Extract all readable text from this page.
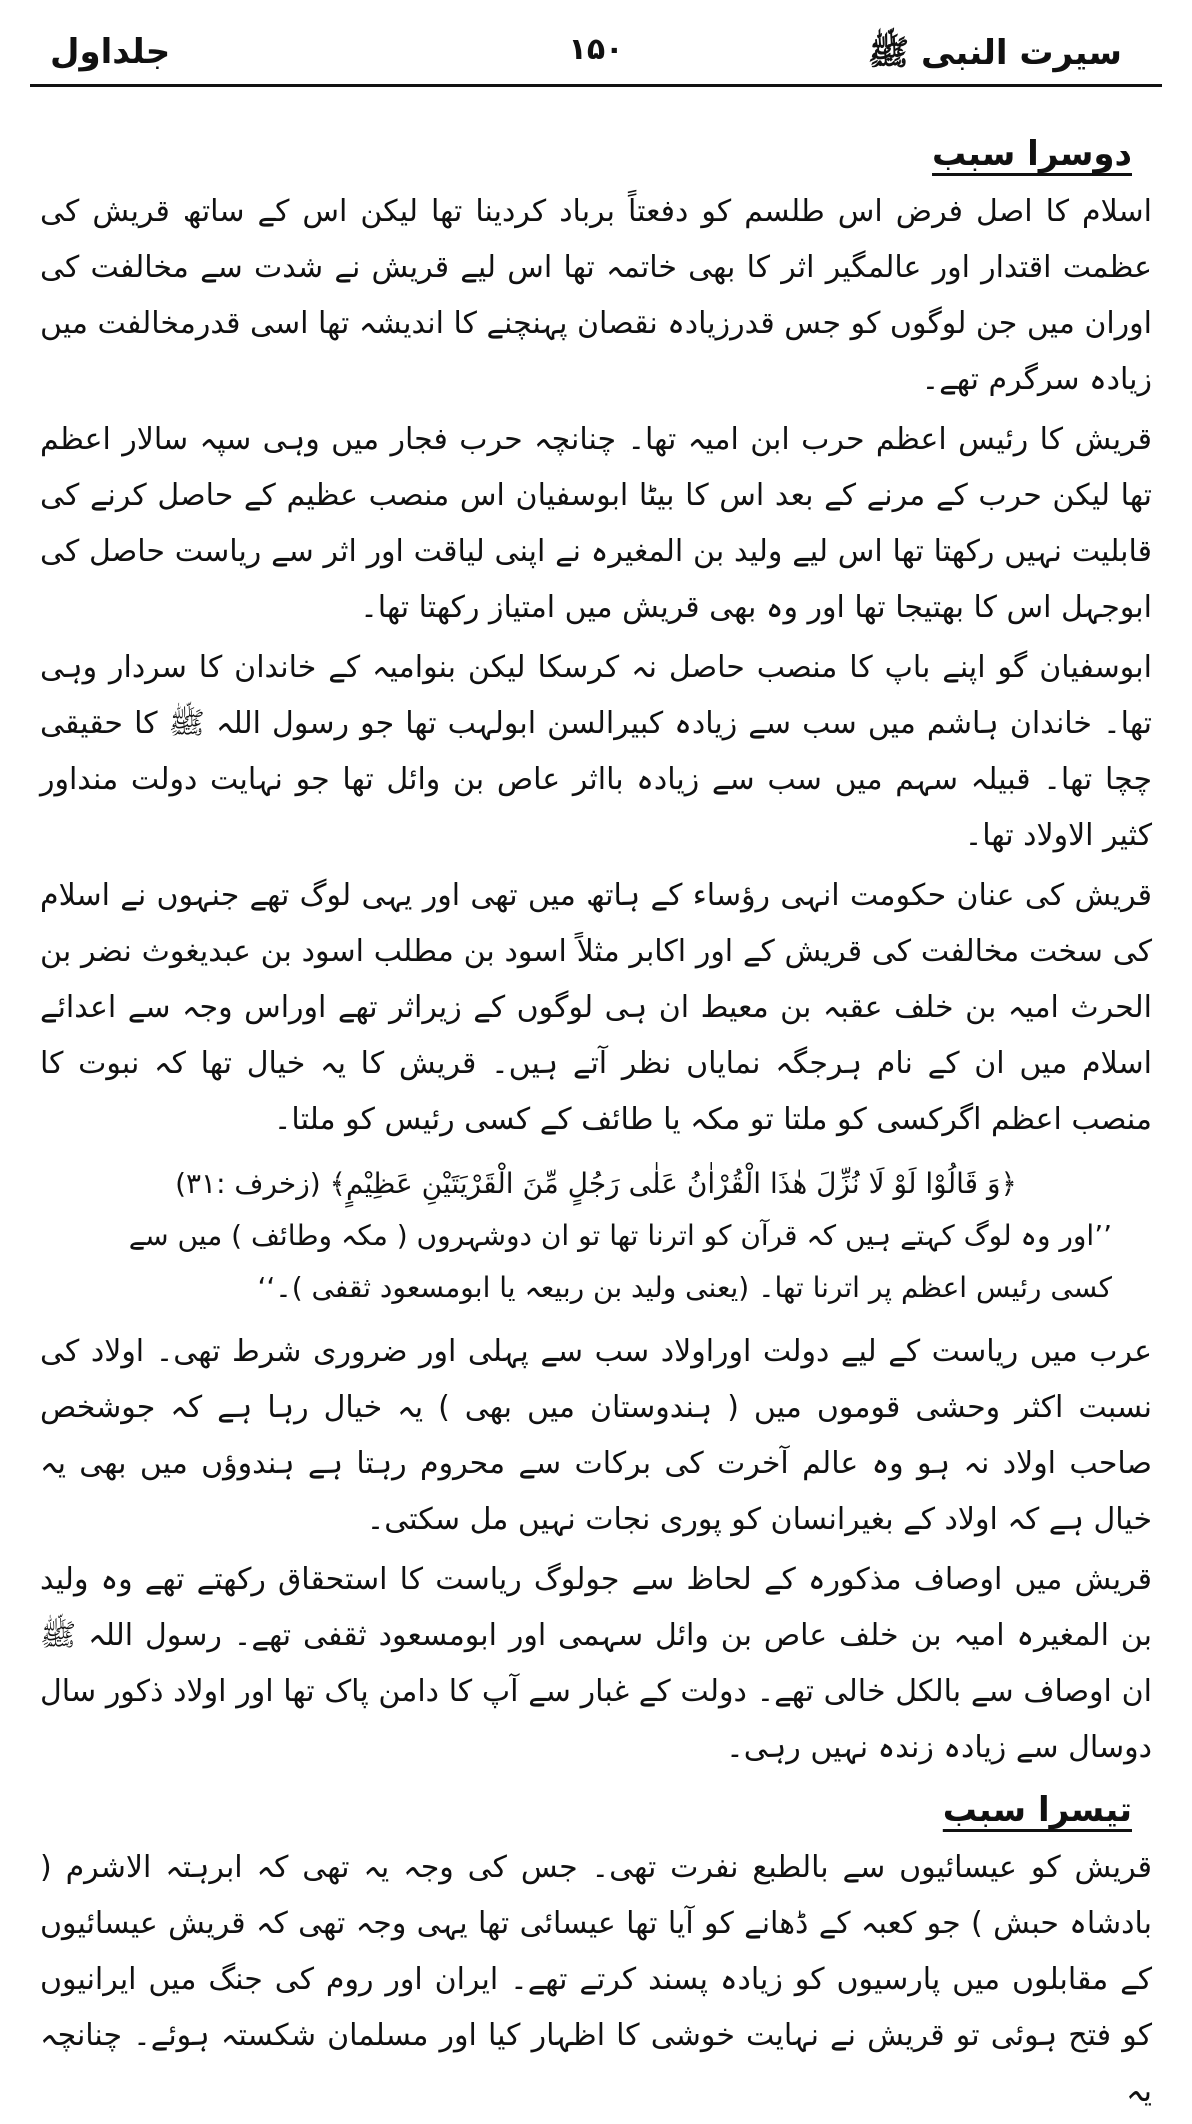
سیرت النبی ﷺ
۱۵۰
جلداول
دوسرا سبب

اسلام کا اصل فرض اس طلسم کو دفعتاً برباد کردینا تھا لیکن اس کے ساتھ قریش کی عظمت اقتدار اور عالمگیر اثر کا بھی خاتمہ تھا اس لیے قریش نے شدت سے مخالفت کی اوران میں جن لوگوں کو جس قدرزیادہ نقصان پہنچنے کا اندیشہ تھا اسی قدرمخالفت میں زیادہ سرگرم تھے۔

قریش کا رئیس اعظم حرب ابن امیہ تھا۔ چنانچہ حرب فجار میں وہی سپہ سالار اعظم تھا لیکن حرب کے مرنے کے بعد اس کا بیٹا ابوسفیان اس منصب عظیم کے حاصل کرنے کی قابلیت نہیں رکھتا تھا اس لیے ولید بن المغیرہ نے اپنی لیاقت اور اثر سے ریاست حاصل کی ابوجہل اس کا بھتیجا تھا اور وہ بھی قریش میں امتیاز رکھتا تھا۔

ابوسفیان گو اپنے باپ کا منصب حاصل نہ کرسکا لیکن بنوامیہ کے خاندان کا سردار وہی تھا۔ خاندان ہاشم میں سب سے زیادہ کبیرالسن ابولہب تھا جو رسول اللہ ﷺ کا حقیقی چچا تھا۔ قبیلہ سہم میں سب سے زیادہ بااثر عاص بن وائل تھا جو نہایت دولت منداور کثیر الاولاد تھا۔

قریش کی عنان حکومت انہی رؤساء کے ہاتھ میں تھی اور یہی لوگ تھے جنہوں نے اسلام کی سخت مخالفت کی قریش کے اور اکابر مثلاً اسود بن مطلب اسود بن عبدیغوث نضر بن الحرث امیہ بن خلف عقبہ بن معیط ان ہی لوگوں کے زیراثر تھے اوراس وجہ سے اعدائے اسلام میں ان کے نام ہرجگہ نمایاں نظر آتے ہیں۔ قریش کا یہ خیال تھا کہ نبوت کا منصب اعظم اگرکسی کو ملتا تو مکہ یا طائف کے کسی رئیس کو ملتا۔

﴿وَ قَالُوْا لَوْ لَا نُزِّلَ هٰذَا الْقُرْاٰنُ عَلٰى رَجُلٍ مِّنَ الْقَرْيَتَيْنِ عَظِيْمٍ﴾ (زخرف :۳۱)
’’اور وہ لوگ کہتے ہیں کہ قرآن کو اترنا تھا تو ان دوشہروں ( مکہ وطائف ) میں سے کسی رئیس اعظم پر اترنا تھا۔ (یعنی ولید بن ربیعہ یا ابومسعود ثقفی )۔‘‘

عرب میں ریاست کے لیے دولت اوراولاد سب سے پہلی اور ضروری شرط تھی۔ اولاد کی نسبت اکثر وحشی قوموں میں ( ہندوستان میں بھی ) یہ خیال رہا ہے کہ جوشخص صاحب اولاد نہ ہو وہ عالم آخرت کی برکات سے محروم رہتا ہے ہندوؤں میں بھی یہ خیال ہے کہ اولاد کے بغیرانسان کو پوری نجات نہیں مل سکتی۔

قریش میں اوصاف مذکورہ کے لحاظ سے جولوگ ریاست کا استحقاق رکھتے تھے وہ ولید بن المغیرہ امیہ بن خلف عاص بن وائل سہمی اور ابومسعود ثقفی تھے۔ رسول اللہ ﷺ ان اوصاف سے بالکل خالی تھے۔ دولت کے غبار سے آپ کا دامن پاک تھا اور اولاد ذکور سال دوسال سے زیادہ زندہ نہیں رہی۔

تیسرا سبب

قریش کو عیسائیوں سے بالطبع نفرت تھی۔ جس کی وجہ یہ تھی کہ ابرہتہ الاشرم ( بادشاہ حبش ) جو کعبہ کے ڈھانے کو آیا تھا عیسائی تھا یہی وجہ تھی کہ قریش عیسائیوں کے مقابلوں میں پارسیوں کو زیادہ پسند کرتے تھے۔ ایران اور روم کی جنگ میں ایرانیوں کو فتح ہوئی تو قریش نے نہایت خوشی کا اظہار کیا اور مسلمان شکستہ ہوئے۔ چنانچہ یہ
